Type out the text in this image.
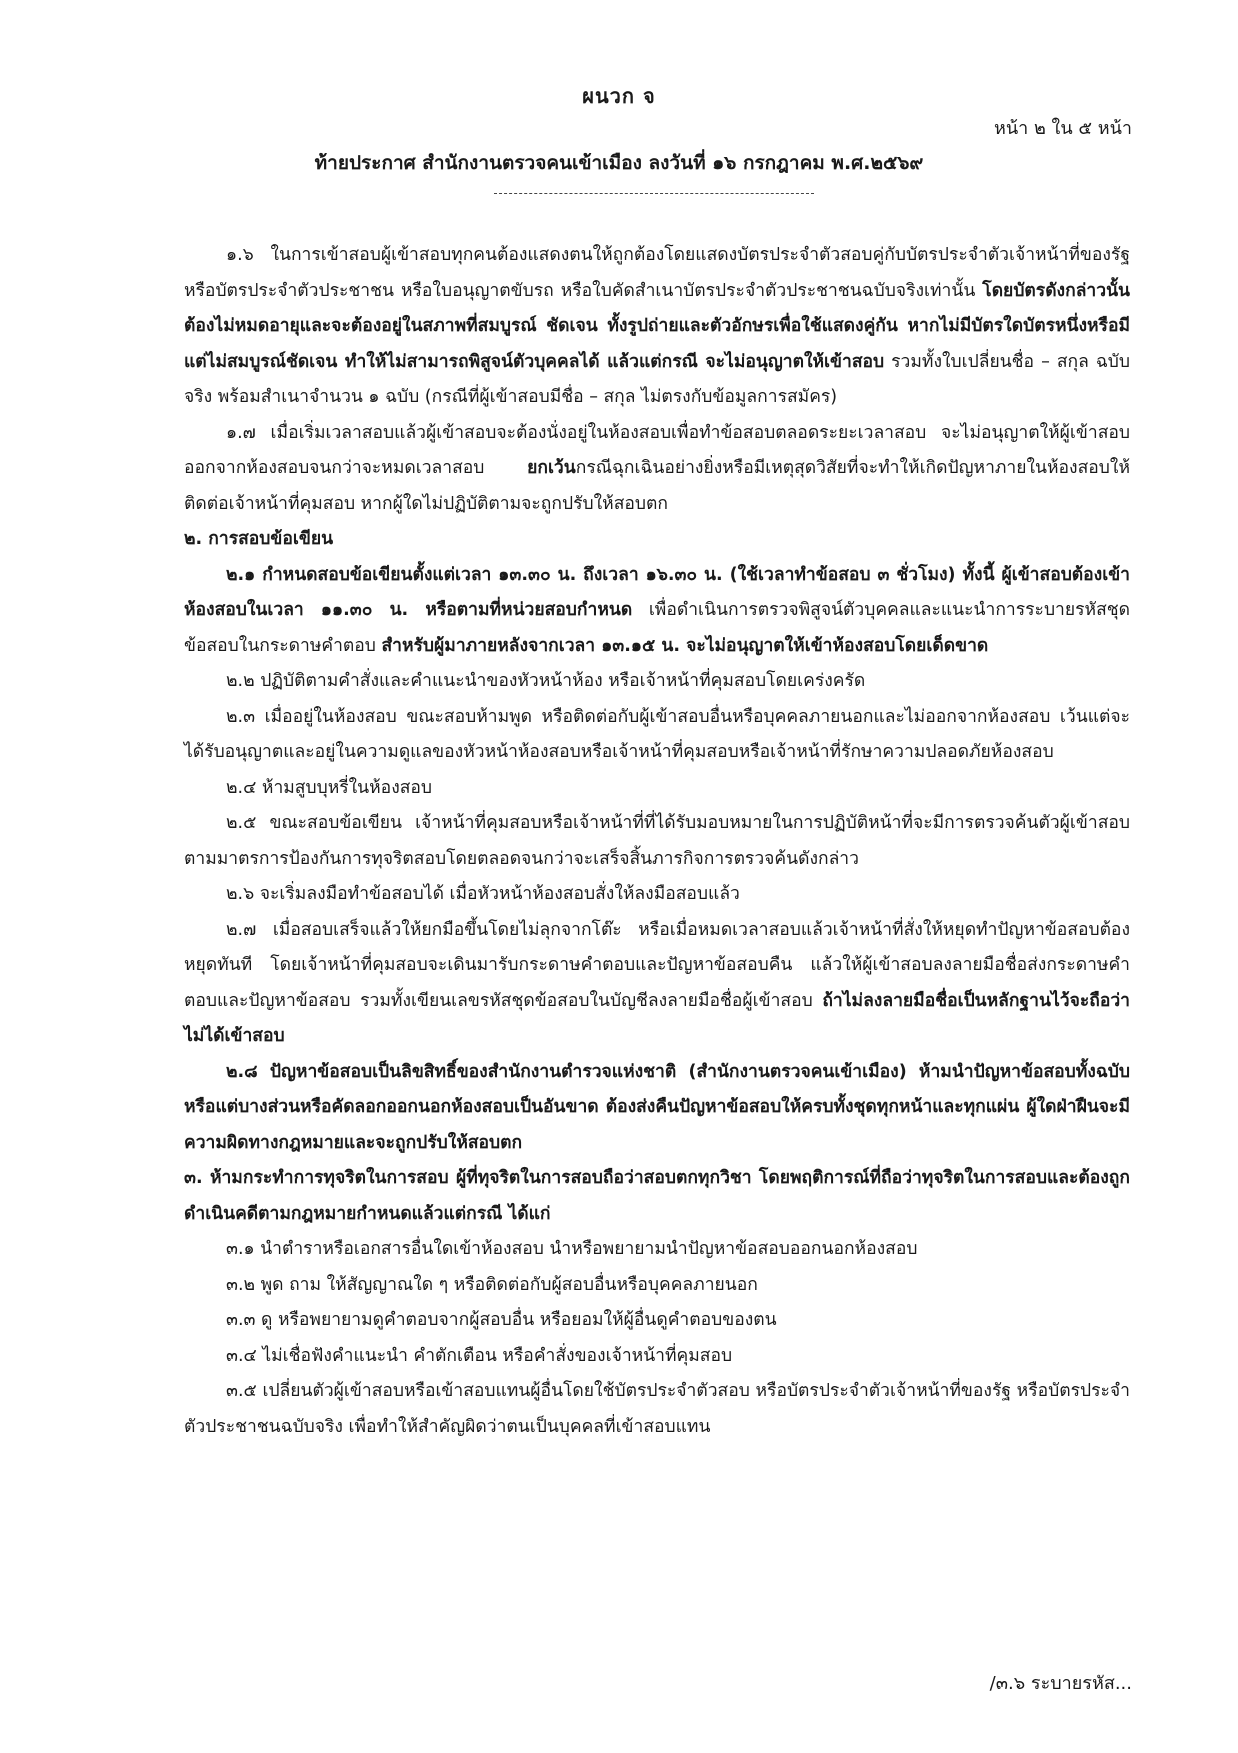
ผนวก จ
หน้า ๒ ใน ๕ หน้า
ท้ายประกาศ สำนักงานตรวจคนเข้าเมือง ลงวันที่ ๑๖ กรกฎาคม พ.ศ.๒๕๖๙

๑.๖ ในการเข้าสอบผู้เข้าสอบทุกคนต้องแสดงตนให้ถูกต้องโดยแสดงบัตรประจำตัวสอบคู่กับบัตรประจำตัวเจ้าหน้าที่ของรัฐ หรือบัตรประจำตัวประชาชน หรือใบอนุญาตขับรถ หรือใบคัดสำเนาบัตรประจำตัวประชาชนฉบับจริงเท่านั้น โดยบัตรดังกล่าวนั้นต้องไม่หมดอายุและจะต้องอยู่ในสภาพที่สมบูรณ์ ชัดเจน ทั้งรูปถ่ายและตัวอักษรเพื่อใช้แสดงคู่กัน หากไม่มีบัตรใดบัตรหนึ่งหรือมีแต่ไม่สมบูรณ์ชัดเจน ทำให้ไม่สามารถพิสูจน์ตัวบุคคลได้ แล้วแต่กรณี จะไม่อนุญาตให้เข้าสอบ รวมทั้งใบเปลี่ยนชื่อ – สกุล ฉบับจริง พร้อมสำเนาจำนวน ๑ ฉบับ (กรณีที่ผู้เข้าสอบมีชื่อ – สกุล ไม่ตรงกับข้อมูลการสมัคร)

๑.๗ เมื่อเริ่มเวลาสอบแล้วผู้เข้าสอบจะต้องนั่งอยู่ในห้องสอบเพื่อทำข้อสอบตลอดระยะเวลาสอบ จะไม่อนุญาตให้ผู้เข้าสอบออกจากห้องสอบจนกว่าจะหมดเวลาสอบ ยกเว้นกรณีฉุกเฉินอย่างยิ่งหรือมีเหตุสุดวิสัยที่จะทำให้เกิดปัญหาภายในห้องสอบให้ติดต่อเจ้าหน้าที่คุมสอบ หากผู้ใดไม่ปฏิบัติตามจะถูกปรับให้สอบตก

๒. การสอบข้อเขียน

๒.๑ กำหนดสอบข้อเขียนตั้งแต่เวลา ๑๓.๓๐ น. ถึงเวลา ๑๖.๓๐ น. (ใช้เวลาทำข้อสอบ ๓ ชั่วโมง) ทั้งนี้ ผู้เข้าสอบต้องเข้าห้องสอบในเวลา ๑๑.๓๐ น. หรือตามที่หน่วยสอบกำหนด เพื่อดำเนินการตรวจพิสูจน์ตัวบุคคลและแนะนำการระบายรหัสชุดข้อสอบในกระดาษคำตอบ สำหรับผู้มาภายหลังจากเวลา ๑๓.๑๕ น. จะไม่อนุญาตให้เข้าห้องสอบโดยเด็ดขาด

๒.๒ ปฏิบัติตามคำสั่งและคำแนะนำของหัวหน้าห้อง หรือเจ้าหน้าที่คุมสอบโดยเคร่งครัด

๒.๓ เมื่ออยู่ในห้องสอบ ขณะสอบห้ามพูด หรือติดต่อกับผู้เข้าสอบอื่นหรือบุคคลภายนอกและไม่ออกจากห้องสอบ เว้นแต่จะได้รับอนุญาตและอยู่ในความดูแลของหัวหน้าห้องสอบหรือเจ้าหน้าที่คุมสอบหรือเจ้าหน้าที่รักษาความปลอดภัยห้องสอบ

๒.๔ ห้ามสูบบุหรี่ในห้องสอบ

๒.๕ ขณะสอบข้อเขียน เจ้าหน้าที่คุมสอบหรือเจ้าหน้าที่ที่ได้รับมอบหมายในการปฏิบัติหน้าที่จะมีการตรวจค้นตัวผู้เข้าสอบตามมาตรการป้องกันการทุจริตสอบโดยตลอดจนกว่าจะเสร็จสิ้นภารกิจการตรวจค้นดังกล่าว

๒.๖ จะเริ่มลงมือทำข้อสอบได้ เมื่อหัวหน้าห้องสอบสั่งให้ลงมือสอบแล้ว

๒.๗ เมื่อสอบเสร็จแล้วให้ยกมือขึ้นโดยไม่ลุกจากโต๊ะ หรือเมื่อหมดเวลาสอบแล้วเจ้าหน้าที่สั่งให้หยุดทำปัญหาข้อสอบต้องหยุดทันที โดยเจ้าหน้าที่คุมสอบจะเดินมารับกระดาษคำตอบและปัญหาข้อสอบคืน แล้วให้ผู้เข้าสอบลงลายมือชื่อส่งกระดาษคำตอบและปัญหาข้อสอบ รวมทั้งเขียนเลขรหัสชุดข้อสอบในบัญชีลงลายมือชื่อผู้เข้าสอบ ถ้าไม่ลงลายมือชื่อเป็นหลักฐานไว้จะถือว่าไม่ได้เข้าสอบ

๒.๘ ปัญหาข้อสอบเป็นลิขสิทธิ์ของสำนักงานตำรวจแห่งชาติ (สำนักงานตรวจคนเข้าเมือง) ห้ามนำปัญหาข้อสอบทั้งฉบับหรือแต่บางส่วนหรือคัดลอกออกนอกห้องสอบเป็นอันขาด ต้องส่งคืนปัญหาข้อสอบให้ครบทั้งชุดทุกหน้าและทุกแผ่น ผู้ใดฝ่าฝืนจะมีความผิดทางกฎหมายและจะถูกปรับให้สอบตก

๓. ห้ามกระทำการทุจริตในการสอบ ผู้ที่ทุจริตในการสอบถือว่าสอบตกทุกวิชา โดยพฤติการณ์ที่ถือว่าทุจริตในการสอบและต้องถูกดำเนินคดีตามกฎหมายกำหนดแล้วแต่กรณี ได้แก่

๓.๑ นำตำราหรือเอกสารอื่นใดเข้าห้องสอบ นำหรือพยายามนำปัญหาข้อสอบออกนอกห้องสอบ

๓.๒ พูด ถาม ให้สัญญาณใด ๆ หรือติดต่อกับผู้สอบอื่นหรือบุคคลภายนอก

๓.๓ ดู หรือพยายามดูคำตอบจากผู้สอบอื่น หรือยอมให้ผู้อื่นดูคำตอบของตน

๓.๔ ไม่เชื่อฟังคำแนะนำ คำตักเตือน หรือคำสั่งของเจ้าหน้าที่คุมสอบ

๓.๕ เปลี่ยนตัวผู้เข้าสอบหรือเข้าสอบแทนผู้อื่นโดยใช้บัตรประจำตัวสอบ หรือบัตรประจำตัวเจ้าหน้าที่ของรัฐ หรือบัตรประจำตัวประชาชนฉบับจริง เพื่อทำให้สำคัญผิดว่าตนเป็นบุคคลที่เข้าสอบแทน

/๓.๖ ระบายรหัส...
